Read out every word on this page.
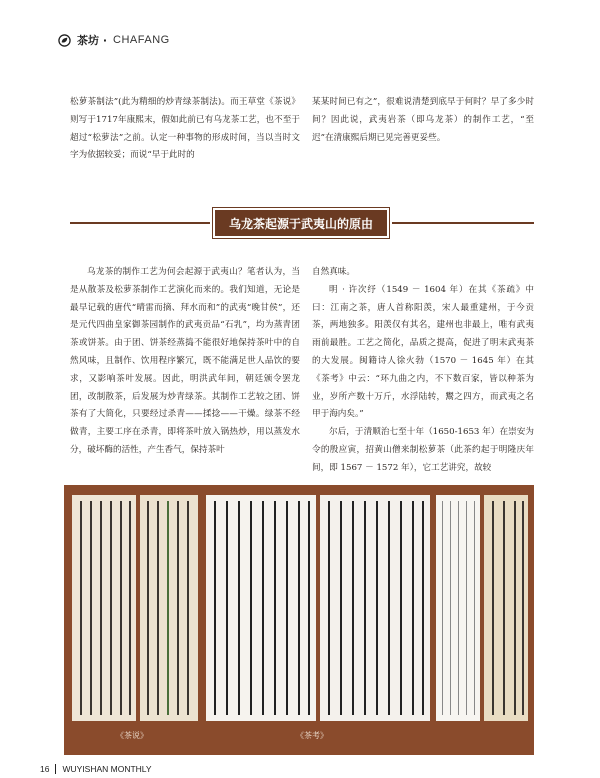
茶坊 · CHAFANG

松萝茶制法”(此为精细的炒青绿茶制法)。而王草堂《茶说》则写于1717年康熙末，假如此前已有乌龙茶工艺，也不至于超过“松萝法”之前。认定一种事物的形成时间，当以当时文字为依据较妥；而说“早于此时的

某某时间已有之”，很难说清楚到底早于何时？早了多少时间？因此说，武夷岩茶（即乌龙茶）的制作工艺，“至迟”在清康熙后期已见完善更妥些。

乌龙茶起源于武夷山的原由

乌龙茶的制作工艺为何会起源于武夷山？笔者认为，当是从散茶及松萝茶制作工艺演化而来的。我们知道，无论是最早记载的唐代“晴雷而摘、拜水而和”的武夷“晚甘侯”，还是元代四曲皇家御茶园制作的武夷贡品“石乳”，均为蒸青团茶或饼茶。由于团、饼茶经蒸捣不能很好地保持茶叶中的自然风味，且制作、饮用程序繁冗，既不能满足世人品饮的要求，又影响茶叶发展。因此，明洪武年间，朝廷颁令罢龙团，改制散茶，后发展为炒青绿茶。其制作工艺较之团、饼茶有了大简化，只要经过杀青——揉捻——干燥。绿茶不经做青，主要工序在杀青，即将茶叶放入锅热炒，用以蒸发水分，破坏酶的活性，产生香气，保持茶叶

自然真味。

明 · 许次纾（1549 － 1604 年）在其《茶疏》中曰：江南之茶，唐人首称阳羡，宋人最重建州，于今贡茶，两地独多。阳羡仅有其名，建州也非最上，唯有武夷雨前最胜。工艺之简化，品质之提高，促进了明末武夷茶的大发展。闽籍诗人徐火勃（1570 － 1645 年）在其《茶考》中云：“环九曲之内，不下数百家，皆以种茶为业，岁所产数十万斤，水浮陆转，鬻之四方，而武夷之名甲于海内矣。”

尔后，于清顺治七至十年（1650-1653 年）在崇安为令的殷应寅，招黄山僧来制松萝茶（此茶约起于明隆庆年间，即 1567 － 1572 年），它工艺讲究，故较

《茶说》	《茶考》
16 WUYISHAN MONTHLY
